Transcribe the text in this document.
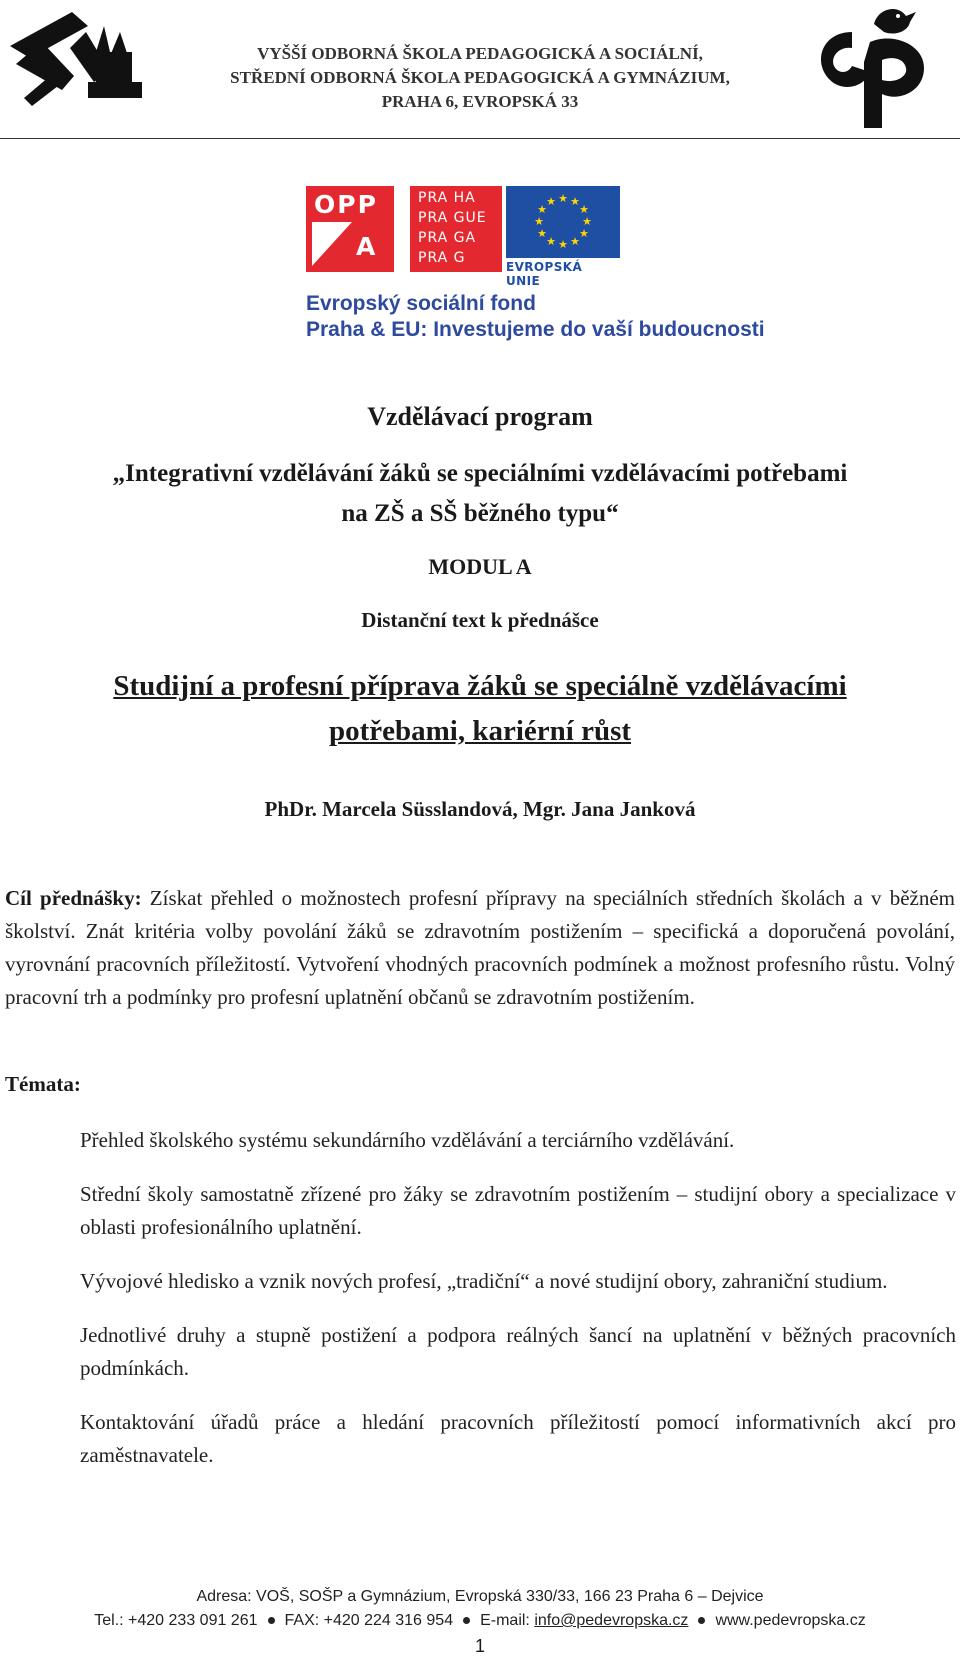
VYŠŠÍ ODBORNÁ ŠKOLA PEDAGOGICKÁ A SOCIÁLNÍ,
STŘEDNÍ ODBORNÁ ŠKOLA PEDAGOGICKÁ A GYMNÁZIUM,
PRAHA 6, EVROPSKÁ 33
OPP
A
PRA HA
PRA GUE
PRA GA
PRA G
★ ★
★
★
★
★
★
★
★
★
★
★
EVROPSKÁ UNIE
Evropský sociální fond
Praha & EU: Investujeme do vaší budoucnosti
Vzdělávací program
„Integrativní vzdělávání žáků se speciálními vzdělávacími potřebami
na ZŠ a SŠ běžného typu“
MODUL A
Distanční text k přednášce
Studijní a profesní příprava žáků se speciálně vzdělávacími
potřebami, kariérní růst
PhDr. Marcela Süsslandová, Mgr. Jana Janková
Cíl přednášky: Získat přehled o možnostech profesní přípravy na speciálních středních školách a v běžném školství. Znát kritéria volby povolání žáků se zdravotním postižením – specifická a doporučená povolání, vyrovnání pracovních příležitostí. Vytvoření vhodných pracovních podmínek a možnost profesního růstu. Volný pracovní trh a podmínky pro profesní uplatnění občanů se zdravotním postižením.
Témata:
Přehled školského systému sekundárního vzdělávání a terciárního vzdělávání.
Střední školy samostatně zřízené pro žáky se zdravotním postižením – studijní obory a specializace v oblasti profesionálního uplatnění.
Vývojové hledisko a vznik nových profesí, „tradiční“ a nové studijní obory, zahraniční studium.
Jednotlivé druhy a stupně postižení a podpora reálných šancí na uplatnění v běžných pracovních podmínkách.
Kontaktování úřadů práce a hledání pracovních příležitostí pomocí informativních akcí pro zaměstnavatele.
Adresa: VOŠ, SOŠP a Gymnázium, Evropská 330/33, 166 23 Praha 6 – Dejvice
Tel.: +420 233 091 261 FAX: +420 224 316 954 E-mail: info@pedevropska.cz www.pedevropska.cz
1
